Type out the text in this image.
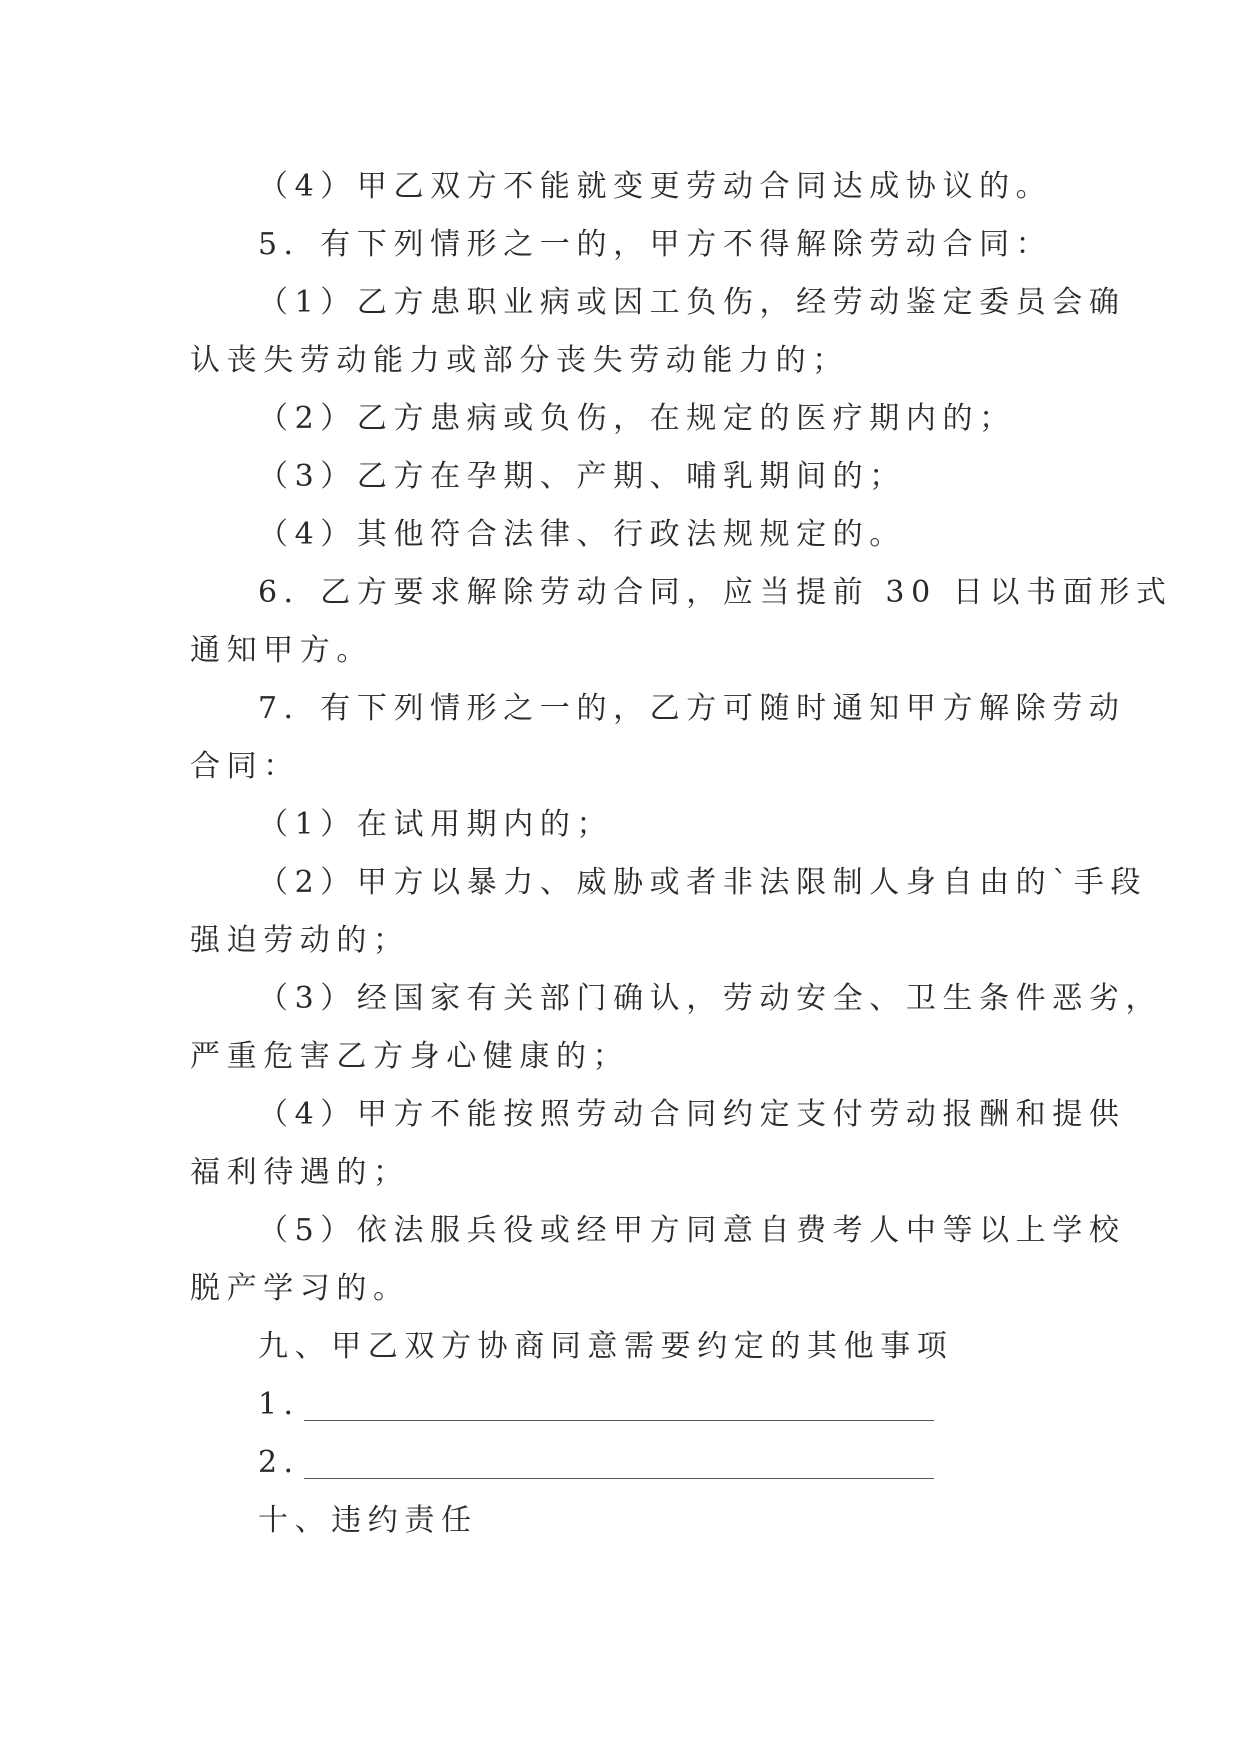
（4）甲乙双方不能就变更劳动合同达成协议的。
5．有下列情形之一的，甲方不得解除劳动合同：
（1）乙方患职业病或因工负伤，经劳动鉴定委员会确
认丧失劳动能力或部分丧失劳动能力的；
（2）乙方患病或负伤，在规定的医疗期内的；
（3）乙方在孕期、产期、哺乳期间的；
（4）其他符合法律、行政法规规定的。
6．乙方要求解除劳动合同，应当提前 30 日以书面形式
通知甲方。
7．有下列情形之一的，乙方可随时通知甲方解除劳动
合同：
（1）在试用期内的；
（2）甲方以暴力、威胁或者非法限制人身自由的`手段
强迫劳动的；
（3）经国家有关部门确认，劳动安全、卫生条件恶劣，
严重危害乙方身心健康的；
（4）甲方不能按照劳动合同约定支付劳动报酬和提供
福利待遇的；
（5）依法服兵役或经甲方同意自费考人中等以上学校
脱产学习的。
九、甲乙双方协商同意需要约定的其他事项
1．
2．
十、违约责任
